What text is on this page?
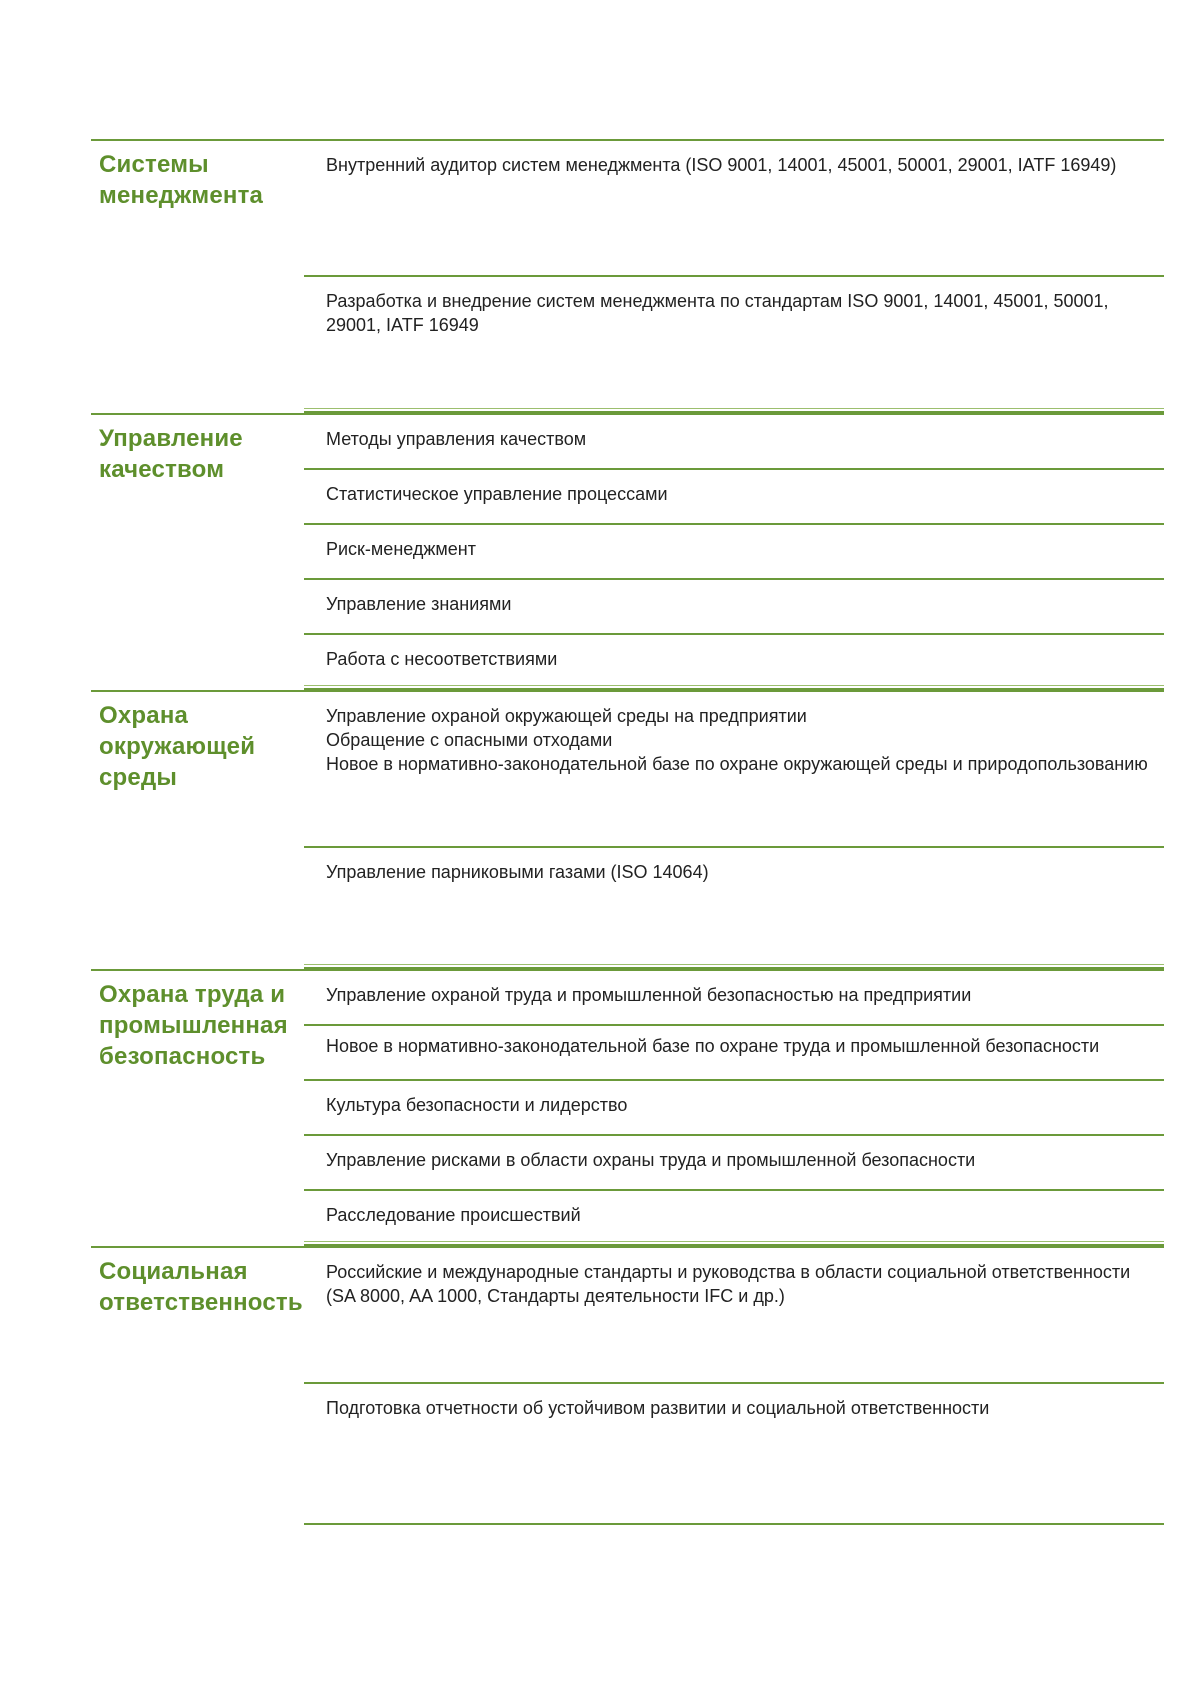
Системы менеджмента
Внутренний аудитор систем менеджмента (ISO 9001, 14001, 45001, 50001, 29001, IATF 16949)
Разработка и внедрение систем менеджмента по стандартам ISO 9001, 14001, 45001, 50001, 29001, IATF 16949
Управление качеством
Методы управления качеством
Статистическое управление процессами
Риск-менеджмент
Управление знаниями
Работа с несоответствиями
Охрана окружающей среды
Управление охраной окружающей среды на предприятии
Обращение с опасными отходами
Новое в нормативно-законодательной базе по охране окружающей среды и природопользованию
Управление парниковыми газами (ISO 14064)
Охрана труда и промышленная безопасность
Управление охраной труда и промышленной безопасностью на предприятии
Новое в нормативно-законодательной базе по охране труда и промышленной безопасности
Культура безопасности и лидерство
Управление рисками в области охраны труда и промышленной безопасности
Расследование происшествий
Социальная ответственность
Российские и международные стандарты и руководства в области социальной ответственности (SA 8000, AA 1000, Стандарты деятельности IFC и др.)
Подготовка отчетности об устойчивом развитии и социальной ответственности
